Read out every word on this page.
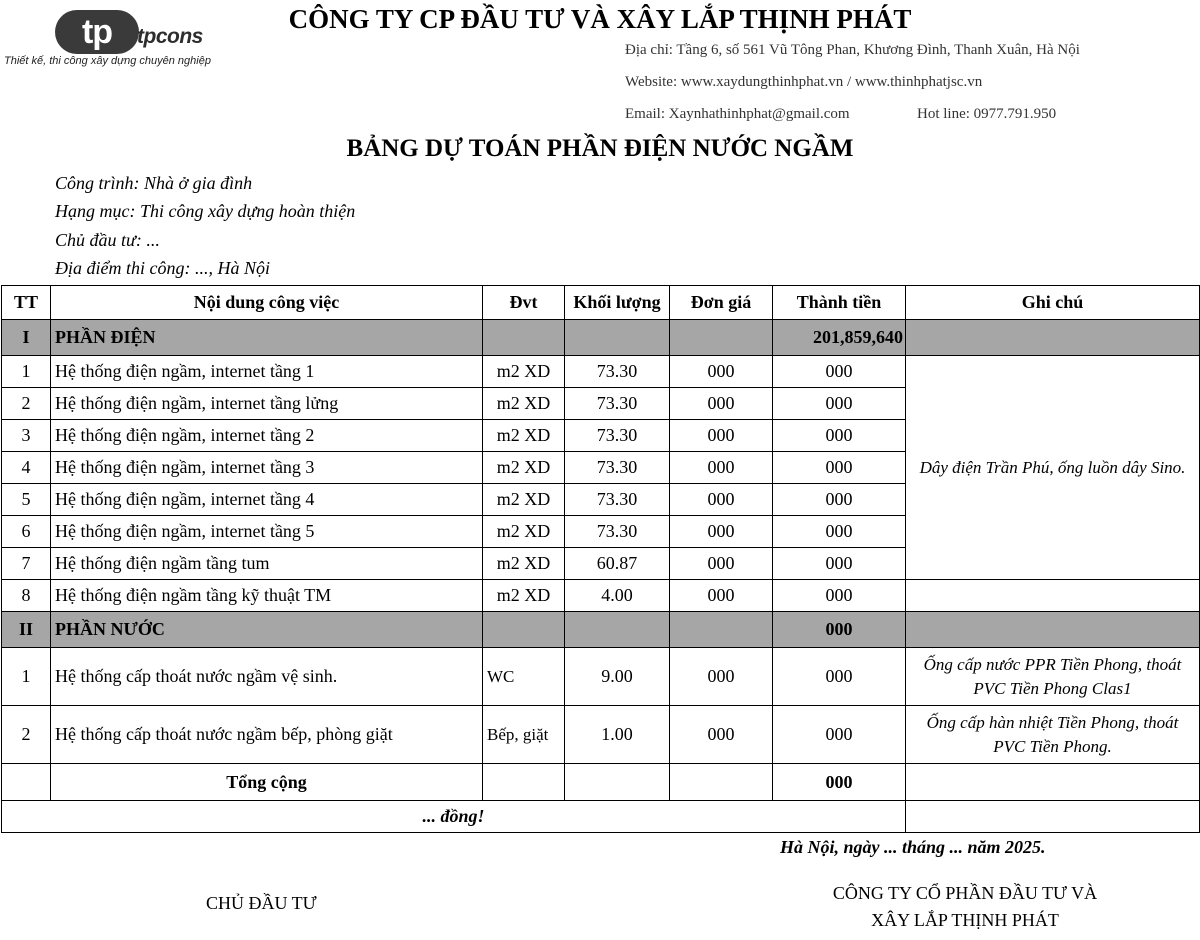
tp	tpcons
Thiết kế, thi công xây dựng chuyên nghiệp
CÔNG TY CP ĐẦU TƯ VÀ XÂY LẮP THỊNH PHÁT
Địa chỉ: Tầng 6, số 561 Vũ Tông Phan, Khương Đình, Thanh Xuân, Hà Nội
Website: www.xaydungthinhphat.vn / www.thinhphatjsc.vn
Email: Xaynhathinhphat@gmail.com	Hot line: 0977.791.950
BẢNG DỰ TOÁN PHẦN ĐIỆN NƯỚC NGẦM
Công trình: Nhà ở gia đình
Hạng mục: Thi công xây dựng hoàn thiện
Chủ đầu tư: ...
Địa điểm thi công: ..., Hà Nội
TT	Nội dung công việc	Đvt	Khối lượng	Đơn giá	Thành tiền	Ghi chú
I	PHẦN ĐIỆN				201,859,640	
1	Hệ thống điện ngầm, internet tầng 1	m2 XD	73.30	000	000	Dây điện Trần Phú, ống luồn dây Sino.
2	Hệ thống điện ngầm, internet tầng lửng	m2 XD	73.30	000	000	
3	Hệ thống điện ngầm, internet tầng 2	m2 XD	73.30	000	000	
4	Hệ thống điện ngầm, internet tầng 3	m2 XD	73.30	000	000	
5	Hệ thống điện ngầm, internet tầng 4	m2 XD	73.30	000	000	
6	Hệ thống điện ngầm, internet tầng 5	m2 XD	73.30	000	000	
7	Hệ thống điện ngầm tầng tum	m2 XD	60.87	000	000	
8	Hệ thống điện ngầm tầng kỹ thuật TM	m2 XD	4.00	000	000	
II	PHẦN NƯỚC				000	
1	Hệ thống cấp thoát nước ngầm vệ sinh.	WC	9.00	000	000	Ống cấp nước PPR Tiền Phong, thoát PVC Tiền Phong Clas1
2	Hệ thống cấp thoát nước ngầm bếp, phòng giặt	Bếp, giặt	1.00	000	000	Ống cấp hàn nhiệt Tiền Phong, thoát PVC Tiền Phong.
	Tổng cộng				000	
... đồng!						
Hà Nội, ngày ... tháng ... năm 2025.
CHỦ ĐẦU TƯ	CÔNG TY CỔ PHẦN ĐẦU TƯ VÀ
XÂY LẮP THỊNH PHÁT
